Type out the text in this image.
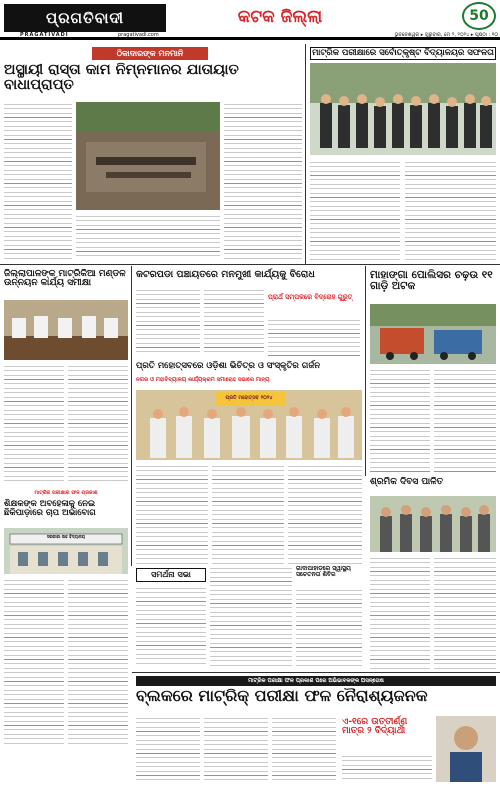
ପ୍ରଗତିବାଦୀ
PRAGATIVADI	pragativadi.com
କଟକ ଜିଲ୍ଲା
ଭୁବନେଶ୍ୱର ▸ ଗୁରୁବାର, ମେ ୨, ୨୦୨୪ ▸ ପୃଷ୍ଠା : ୧୦
50
ଠିକାଦାରଙ୍କ ମନମାନି
ଅସ୍ଥାୟୀ ରାସ୍ତା କାମ ନିମ୍ନମାନର ଯାତାୟାତ ବାଧାପ୍ରାପ୍ତ
ମାଟ୍ରିକ ପରୀକ୍ଷାରେ ସର୍ବୋତ୍କୃଷ୍ଟ ବିଦ୍ୟାଳୟର ସଫଳତା
ଜିଲ୍ଲାପାଳଙ୍କ ମାଟ୍ରିକିଆ ମଣ୍ଡଳ ଉନ୍ନୟନ କାର୍ଯ୍ୟ ସମୀକ୍ଷା
କଟରପଡା ପଞ୍ଚାୟତରେ ମନମୁଖୀ କାର୍ଯ୍ୟକୁ ବିରୋଧ
ପ୍ରାର୍ଥ ସମ୍ପକରେ ବିଦ୍ରୋହ ଗୁରୁତ୍
ମାହାଙ୍ଗା ପୋଲିସର ଚଢ଼ଉ ୧୧ ଗାଡ଼ି ଅଟକ
ପ୍ରତି ମହୋତ୍ସବରେ ଓଡ଼ିଶା ଭିଚିତ୍ର ଓ ସଂସ୍କୃତିର ଗର୍ଜନ
ନଗର ଓ ମହାବିଦ୍ୟାଳୟ କାର୍ଯ୍ୟକ୍ରମ ସମାରୋହ ସଭାରେ ମାନ୍ୟ
ପ୍ରତି ମହୋତ୍ସବ ୨୦୨୪
ମାଟ୍ରିକ ପରୀକ୍ଷାର ଫଳ ପ୍ରକାଶ
ଶିକ୍ଷକଙ୍କ ଅବହେଳାକୁ ନେଇ ଛିକିପାଡ଼ାରେ ଚାପ ଅଭାବୋଗ
ସରକାରୀ ଉଚ୍ଚ ବିଦ୍ୟାଳୟ
ଶ୍ରମିକ ଦିବସ ପାଳିତ
ଗାଦାପାହାଡ଼ରେ ସ୍ୱାସ୍ଥ୍ୟ ସଚେତନତା ଶିବିର
ସମର୍ଥନା ସଭା
ମାଟ୍ରିକ ପରୀକ୍ଷା ଫଳ ପ୍ରକାଶ ପରେ ଅଭିଭାବକଙ୍କ ଅସନ୍ତୋଷ
ବ୍ଲକରେ ମାଟ୍ରିକ୍ ପରୀକ୍ଷା ଫଳ ନୈରାଶ୍ୟଜନକ
ଏ-୧ରେ ଉତ୍ତୀର୍ଣ୍ଣ ମାତ୍ର ୨ ବିଦ୍ୟାର୍ଥୀ
